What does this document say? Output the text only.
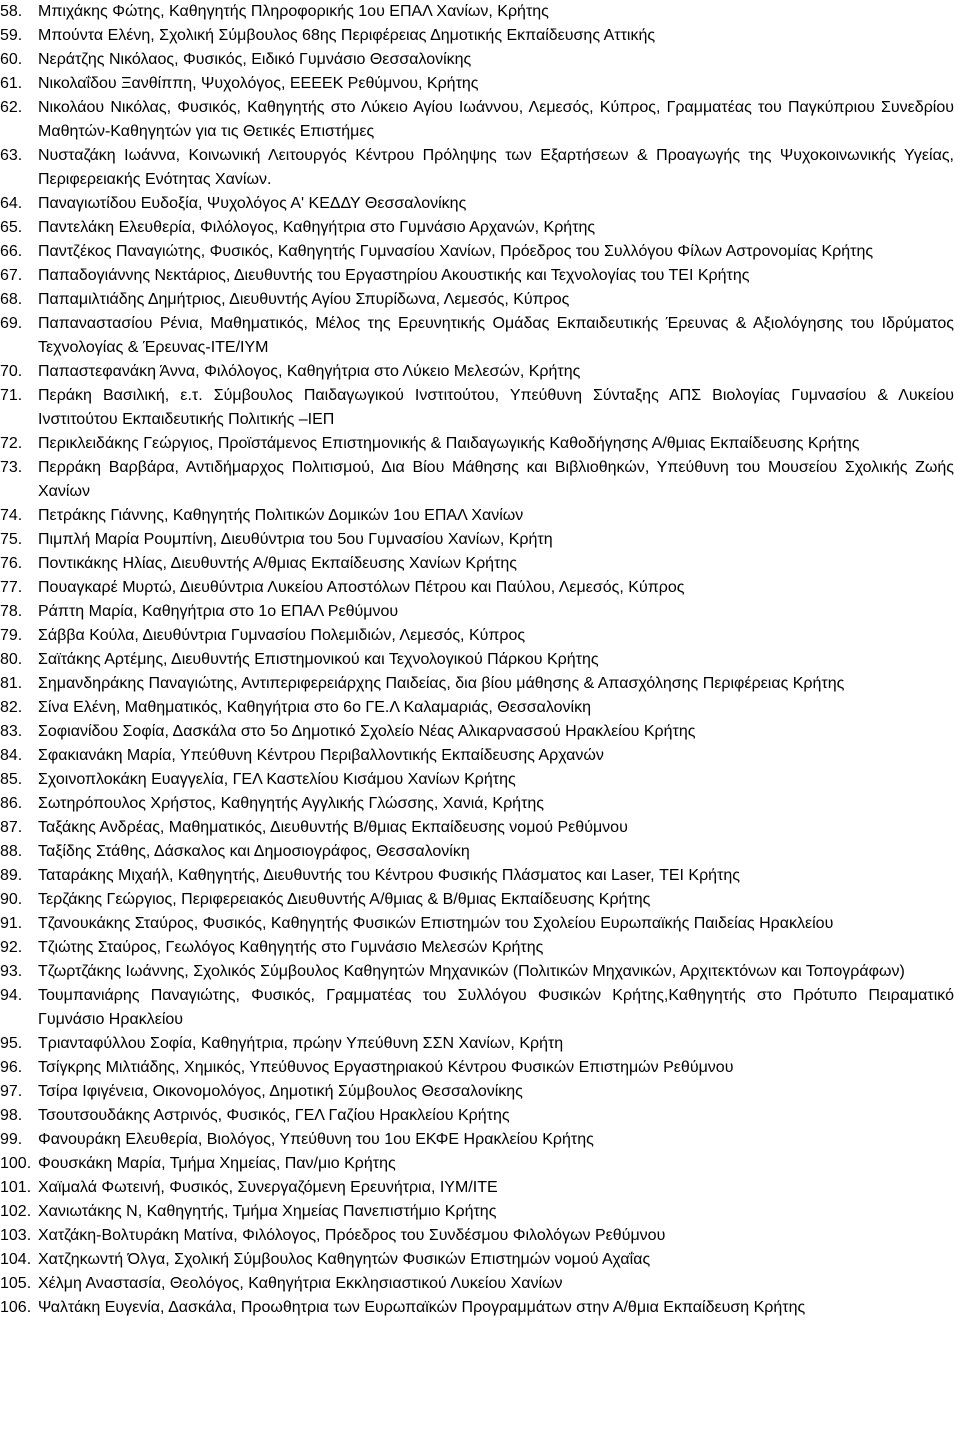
58. Μπιχάκης Φώτης, Καθηγητής Πληροφορικής 1ου ΕΠΑΛ Χανίων, Κρήτης
59. Μπούντα Ελένη, Σχολική Σύμβουλος 68ης Περιφέρειας Δημοτικής Εκπαίδευσης Αττικής
60. Νεράτζης Νικόλαος, Φυσικός, Ειδικό Γυμνάσιο Θεσσαλονίκης
61. Νικολαΐδου Ξανθίππη, Ψυχολόγος, ΕΕΕΕΚ Ρεθύμνου, Κρήτης
62. Νικολάου Νικόλας, Φυσικός, Καθηγητής στο Λύκειο Αγίου Ιωάννου, Λεμεσός, Κύπρος, Γραμματέας του Παγκύπριου Συνεδρίου Μαθητών-Καθηγητών για τις Θετικές Επιστήμες
63. Νυσταζάκη Ιωάννα, Κοινωνική Λειτουργός Κέντρου Πρόληψης των Εξαρτήσεων & Προαγωγής της Ψυχοκοινωνικής Υγείας, Περιφερειακής Ενότητας Χανίων.
64. Παναγιωτίδου Ευδοξία, Ψυχολόγος Α' ΚΕΔΔΥ Θεσσαλονίκης
65. Παντελάκη Ελευθερία, Φιλόλογος, Καθηγήτρια στο Γυμνάσιο Αρχανών, Κρήτης
66. Παντζέκος Παναγιώτης, Φυσικός, Καθηγητής Γυμνασίου Χανίων, Πρόεδρος του Συλλόγου Φίλων Αστρονομίας Κρήτης
67. Παπαδογιάννης Νεκτάριος, Διευθυντής του Εργαστηρίου Ακουστικής και Τεχνολογίας του ΤΕΙ Κρήτης
68. Παπαμιλτιάδης Δημήτριος, Διευθυντής Αγίου Σπυρίδωνα, Λεμεσός, Κύπρος
69. Παπαναστασίου Ρένια, Μαθηματικός, Μέλος της Ερευνητικής Ομάδας Εκπαιδευτικής Έρευνας & Αξιολόγησης του Ιδρύματος Τεχνολογίας & Έρευνας-ΙΤΕ/ΙΥΜ
70. Παπαστεφανάκη Άννα, Φιλόλογος, Καθηγήτρια στο Λύκειο Μελεσών, Κρήτης
71. Περάκη Βασιλική, ε.τ. Σύμβουλος Παιδαγωγικού Ινστιτούτου, Υπεύθυνη Σύνταξης ΑΠΣ Βιολογίας Γυμνασίου & Λυκείου Ινστιτούτου Εκπαιδευτικής Πολιτικής –ΙΕΠ
72. Περικλειδάκης Γεώργιος, Προϊστάμενος Επιστημονικής & Παιδαγωγικής Καθοδήγησης Α/θμιας Εκπαίδευσης Κρήτης
73. Περράκη Βαρβάρα, Αντιδήμαρχος Πολιτισμού, Δια Βίου Μάθησης και Βιβλιοθηκών, Υπεύθυνη του Μουσείου Σχολικής Ζωής Χανίων
74. Πετράκης Γιάννης, Καθηγητής Πολιτικών Δομικών 1ου ΕΠΑΛ Χανίων
75. Πιμπλή Μαρία Ρουμπίνη, Διευθύντρια του 5ου Γυμνασίου Χανίων, Κρήτη
76. Ποντικάκης Ηλίας, Διευθυντής Α/θμιας Εκπαίδευσης Χανίων Κρήτης
77. Πουαγκαρέ Μυρτώ, Διευθύντρια Λυκείου Αποστόλων Πέτρου και Παύλου, Λεμεσός, Κύπρος
78. Ράπτη Μαρία, Καθηγήτρια στο 1ο ΕΠΑΛ Ρεθύμνου
79. Σάββα Κούλα, Διευθύντρια Γυμνασίου Πολεμιδιών, Λεμεσός, Κύπρος
80. Σαϊτάκης Αρτέμης, Διευθυντής Επιστημονικού και Τεχνολογικού Πάρκου Κρήτης
81. Σημανδηράκης Παναγιώτης, Αντιπεριφερειάρχης Παιδείας, δια βίου μάθησης & Απασχόλησης Περιφέρειας Κρήτης
82. Σίνα Ελένη, Μαθηματικός, Καθηγήτρια στο 6ο ΓΕ.Λ Καλαμαριάς, Θεσσαλονίκη
83. Σοφιανίδου Σοφία, Δασκάλα στο 5ο Δημοτικό Σχολείο Νέας Αλικαρνασσού Ηρακλείου Κρήτης
84. Σφακιανάκη Μαρία, Υπεύθυνη Κέντρου Περιβαλλοντικής Εκπαίδευσης Αρχανών
85. Σχοινοπλοκάκη Ευαγγελία, ΓΕΛ Καστελίου Κισάμου Χανίων Κρήτης
86. Σωτηρόπουλος Χρήστος, Καθηγητής Αγγλικής Γλώσσης, Χανιά, Κρήτης
87. Ταξάκης Ανδρέας, Μαθηματικός, Διευθυντής Β/θμιας Εκπαίδευσης νομού Ρεθύμνου
88. Ταξίδης Στάθης, Δάσκαλος και Δημοσιογράφος, Θεσσαλονίκη
89. Ταταράκης Μιχαήλ, Καθηγητής, Διευθυντής του Κέντρου Φυσικής Πλάσματος και Laser, ΤΕΙ Κρήτης
90. Τερζάκης Γεώργιος, Περιφερειακός Διευθυντής Α/θμιας & Β/θμιας Εκπαίδευσης Κρήτης
91. Τζανουκάκης Σταύρος, Φυσικός, Καθηγητής Φυσικών Επιστημών του Σχολείου Ευρωπαϊκής Παιδείας Ηρακλείου
92. Τζιώτης Σταύρος, Γεωλόγος Καθηγητής στο Γυμνάσιο Μελεσών Κρήτης
93. Τζωρτζάκης Ιωάννης, Σχολικός Σύμβουλος Καθηγητών Μηχανικών (Πολιτικών Μηχανικών, Αρχιτεκτόνων και Τοπογράφων)
94. Τουμπανιάρης Παναγιώτης, Φυσικός, Γραμματέας του Συλλόγου Φυσικών Κρήτης,Καθηγητής στο Πρότυπο Πειραματικό Γυμνάσιο Ηρακλείου
95. Τριανταφύλλου Σοφία, Καθηγήτρια, πρώην Υπεύθυνη ΣΣΝ Χανίων, Κρήτη
96. Τσίγκρης Μιλτιάδης, Χημικός, Υπεύθυνος Εργαστηριακού Κέντρου Φυσικών Επιστημών Ρεθύμνου
97. Τσίρα Ιφιγένεια, Οικονομολόγος, Δημοτική Σύμβουλος Θεσσαλονίκης
98. Τσουτσουδάκης Αστρινός, Φυσικός, ΓΕΛ Γαζίου Ηρακλείου Κρήτης
99. Φανουράκη Ελευθερία, Βιολόγος, Υπεύθυνη του 1ου ΕΚΦΕ Ηρακλείου Κρήτης
100. Φουσκάκη Μαρία, Τμήμα Χημείας, Παν/μιο Κρήτης
101. Χαϊμαλά Φωτεινή, Φυσικός, Συνεργαζόμενη Ερευνήτρια, ΙΥΜ/ΙΤΕ
102. Χανιωτάκης Ν, Καθηγητής, Τμήμα Χημείας Πανεπιστήμιο Κρήτης
103. Χατζάκη-Βολτυράκη Ματίνα, Φιλόλογος, Πρόεδρος του Συνδέσμου Φιλολόγων Ρεθύμνου
104. Χατζηκωντή Όλγα, Σχολική Σύμβουλος Καθηγητών Φυσικών Επιστημών νομού Αχαΐας
105. Χέλμη Αναστασία, Θεολόγος, Καθηγήτρια Εκκλησιαστικού Λυκείου Χανίων
106. Ψαλτάκη Ευγενία, Δασκάλα, Προωθητρια των Ευρωπαϊκών Προγραμμάτων στην Α/θμια Εκπαίδευση Κρήτης
